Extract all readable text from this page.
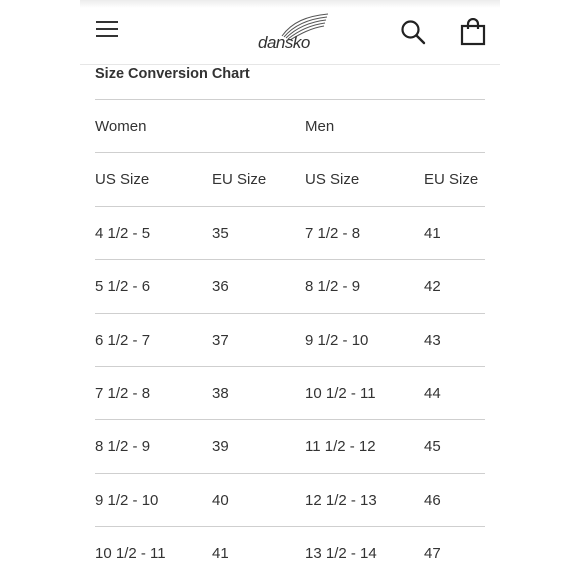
dansko
Size Conversion Chart
Women	Men
US Size	EU Size	US Size	EU Size
4 1/2 - 5	35	7 1/2 - 8	41
5 1/2 - 6	36	8 1/2 - 9	42
6 1/2 - 7	37	9 1/2 - 10	43
7 1/2 - 8	38	10 1/2 - 11	44
8 1/2 - 9	39	11 1/2 - 12	45
9 1/2 - 10	40	12 1/2 - 13	46
10 1/2 - 11	41	13 1/2 - 14	47
